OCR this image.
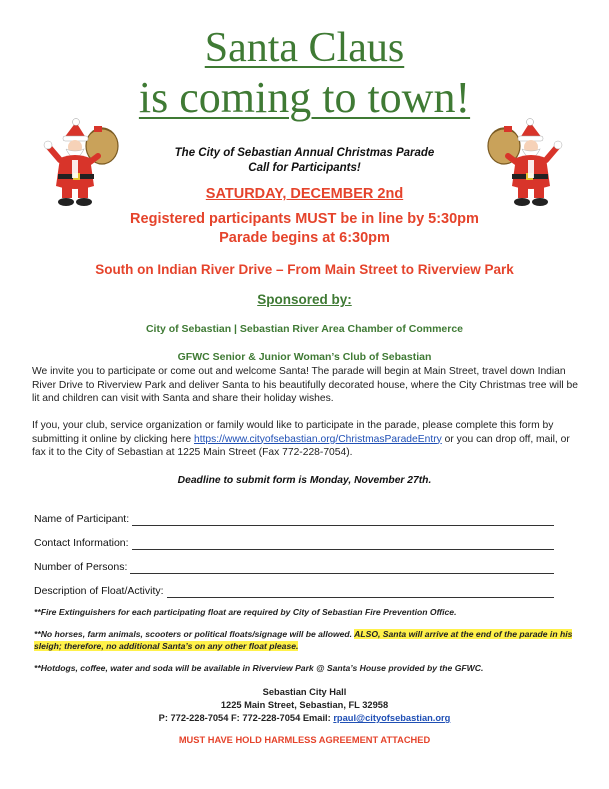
Santa Claus
is coming to town!
The City of Sebastian Annual Christmas Parade
Call for Participants!
SATURDAY, DECEMBER 2nd
Registered participants MUST be in line by 5:30pm
Parade begins at 6:30pm
South on Indian River Drive – From Main Street to Riverview Park
Sponsored by:
City of Sebastian | Sebastian River Area Chamber of Commerce
GFWC Senior & Junior Woman’s Club of Sebastian
We invite you to participate or come out and welcome Santa! The parade will begin at Main Street, travel down Indian River Drive to Riverview Park and deliver Santa to his beautifully decorated house, where the City Christmas tree will be lit and children can visit with Santa and share their holiday wishes.
If you, your club, service organization or family would like to participate in the parade, please complete this form by submitting it online by clicking here https://www.cityofsebastian.org/ChristmasParadeEntry or you can drop off, mail, or fax it to the City of Sebastian at 1225 Main Street (Fax 772-228-7054).
Deadline to submit form is Monday, November 27th.
Name of Participant:
Contact Information:
Number of Persons:
Description of Float/Activity:
**Fire Extinguishers for each participating float are required by City of Sebastian Fire Prevention Office.
**No horses, farm animals, scooters or political floats/signage will be allowed. ALSO, Santa will arrive at the end of the parade in his sleigh; therefore, no additional Santa’s on any other float please.
**Hotdogs, coffee, water and soda will be available in Riverview Park @ Santa’s House provided by the GFWC.
Sebastian City Hall
1225 Main Street, Sebastian, FL 32958
P: 772-228-7054 F: 772-228-7054 Email: rpaul@cityofsebastian.org
MUST HAVE HOLD HARMLESS AGREEMENT ATTACHED
